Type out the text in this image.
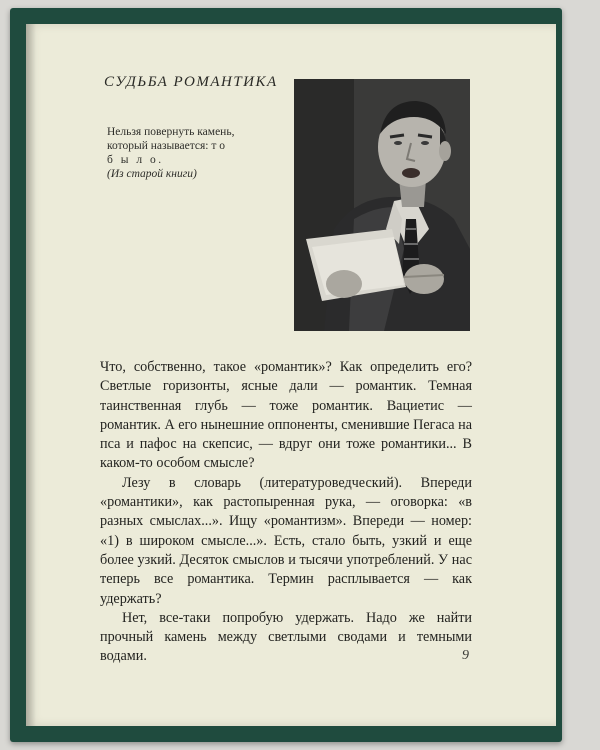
СУДЬБА РОМАНТИКА
Нельзя повернуть камень,
который называется: т о
б ы л о.
(Из старой книги)

Что, собственно, такое «романтик»? Как определить его? Светлые горизонты, ясные дали — романтик. Темная таинственная глубь — тоже романтик. Вациетис — романтик. А его нынешние оппоненты, сменившие Пегаса на пса и пафос на скепсис, — вдруг они тоже романтики... В каком-то особом смысле?

Лезу в словарь (литературоведческий). Впереди «романтики», как растопыренная рука, — оговорка: «в разных смыслах...». Ищу «романтизм». Впереди — номер: «1) в широком смысле...». Есть, стало быть, узкий и еще более узкий. Десяток смыслов и тысячи употреблений. У нас теперь все романтика. Термин расплывается — как удержать?

Нет, все-таки попробую удержать. Надо же найти прочный камень между светлыми сводами и темными водами.	9
